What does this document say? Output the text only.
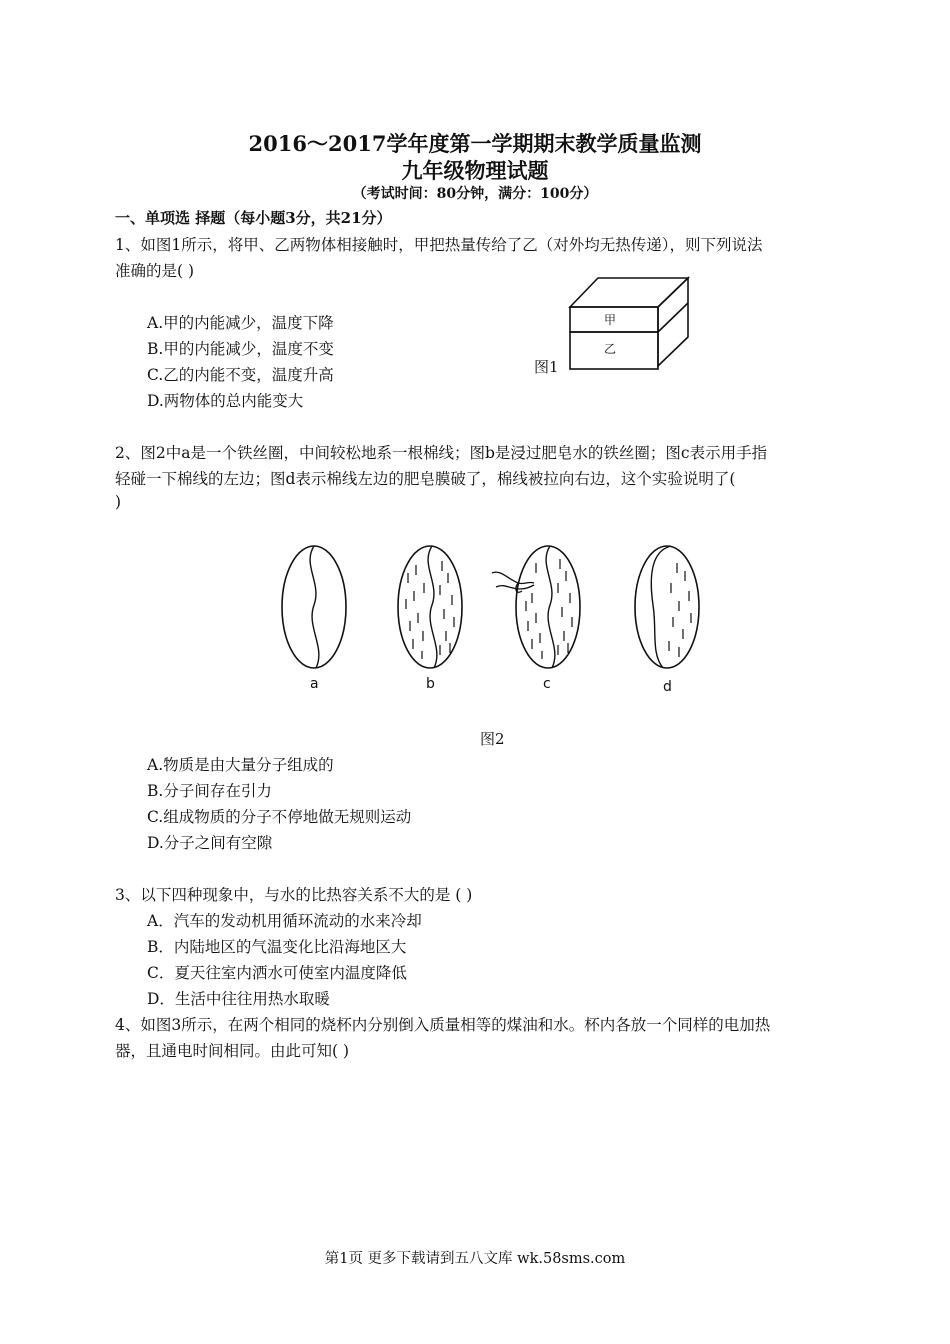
2016～2017学年度第一学期期末教学质量监测
九年级物理试题
（考试时间：80分钟，满分：100分）
一、单项选 择题（每小题3分，共21分）
1、如图1所示，将甲、乙两物体相接触时，甲把热量传给了乙（对外均无热传递），则下列说法
准确的是( )
A.甲的内能减少，温度下降
B.甲的内能减少，温度不变
C.乙的内能不变，温度升高
D.两物体的总内能变大
甲
乙
图1
2、图2中a是一个铁丝圈，中间较松地系一根棉线；图b是浸过肥皂水的铁丝圈；图c表示用手指
轻碰一下棉线的左边；图d表示棉线左边的肥皂膜破了，棉线被拉向右边，这个实验说明了(
)
a	b	c	d
图2
A.物质是由大量分子组成的
B.分子间存在引力
C.组成物质的分子不停地做无规则运动
D.分子之间有空隙
3、以下四种现象中，与水的比热容关系不大的是 ( )
A．汽车的发动机用循环流动的水来冷却
B．内陆地区的气温变化比沿海地区大
C．夏天往室内洒水可使室内温度降低
D．生活中往往用热水取暖
4、如图3所示，在两个相同的烧杯内分别倒入质量相等的煤油和水。杯内各放一个同样的电加热
器，且通电时间相同。由此可知( )
第1页 更多下载请到五八文库 wk.58sms.com
